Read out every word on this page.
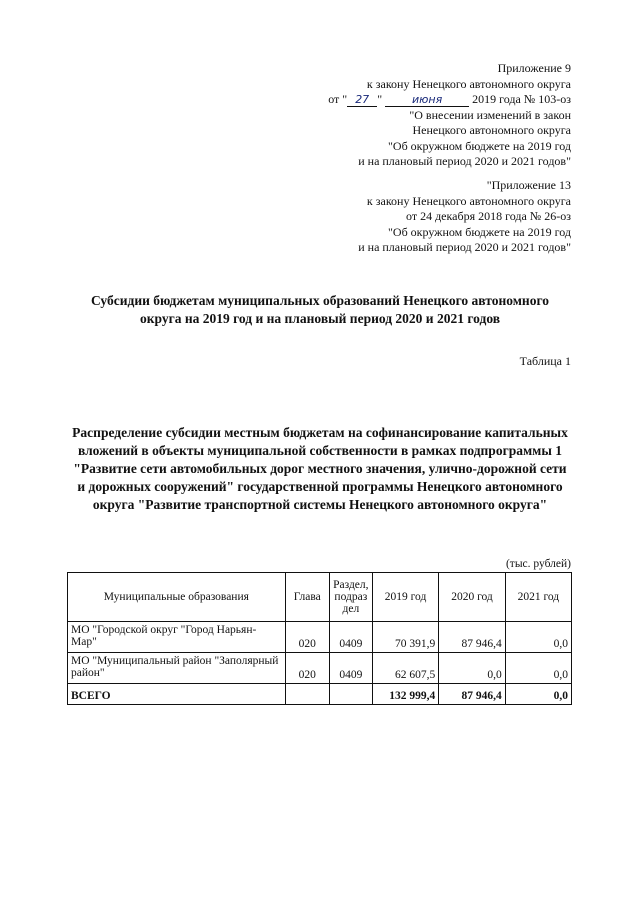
Приложение 9
к закону Ненецкого автономного округа
от " 27 "	июня 2019 года № 103-оз
"О внесении изменений в закон
Ненецкого автономного округа
"Об окружном бюджете на 2019 год
и на плановый период 2020 и 2021 годов"
"Приложение 13
к закону Ненецкого автономного округа
от 24 декабря 2018 года № 26-оз
"Об окружном бюджете на 2019 год
и на плановый период 2020 и 2021 годов"
Субсидии бюджетам муниципальных образований Ненецкого автономного
округа на 2019 год и на плановый период 2020 и 2021 годов
Таблица 1
Распределение субсидии местным бюджетам на софинансирование капитальных
вложений в объекты муниципальной собственности в рамках подпрограммы 1
"Развитие сети автомобильных дорог местного значения, улично-дорожной сети
и дорожных сооружений" государственной программы Ненецкого автономного
округа "Развитие транспортной системы Ненецкого автономного округа"
(тыс. рублей)
Муниципальные образования	Глава	Раздел, подраз дел	2019 год	2020 год	2021 год
МО "Городской округ "Город Нарьян-Мар"	020	0409	70 391,9	87 946,4	0,0
МО "Муниципальный район "Заполярный район"	020	0409	62 607,5	0,0	0,0
ВСЕГО			132 999,4	87 946,4	0,0
